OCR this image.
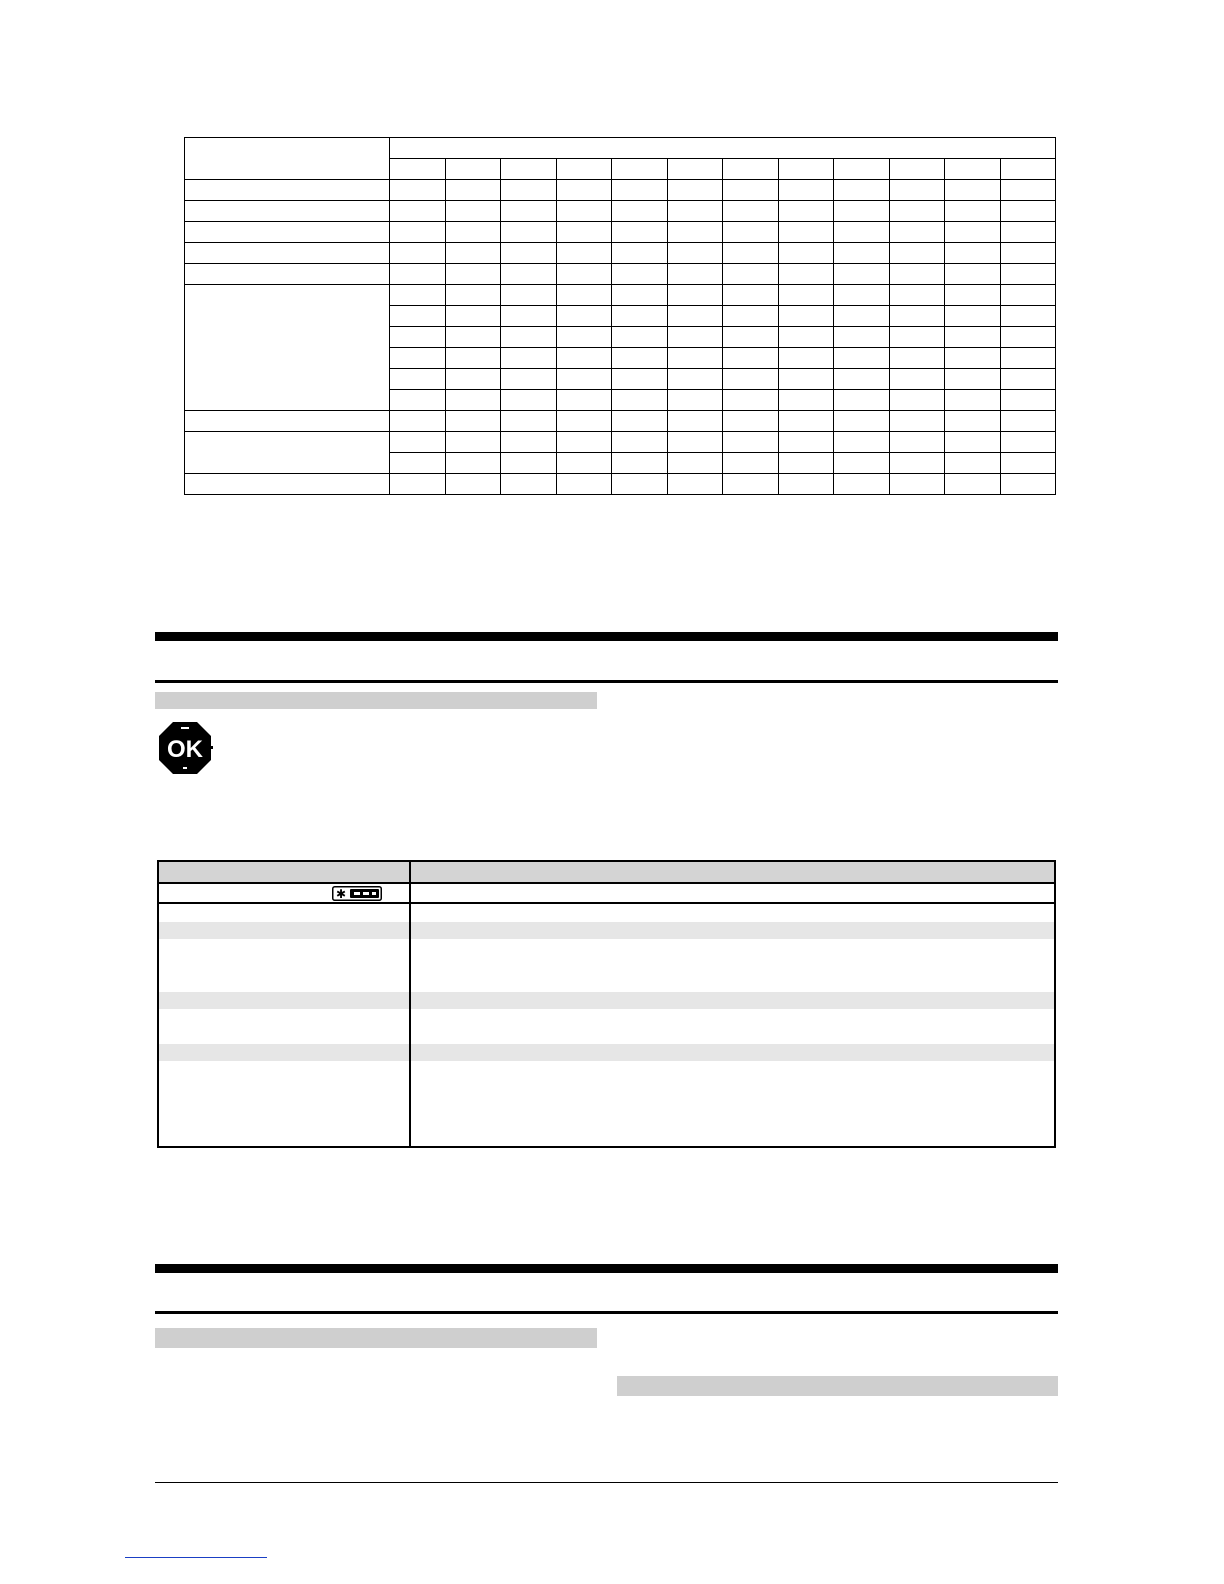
OK
✱
